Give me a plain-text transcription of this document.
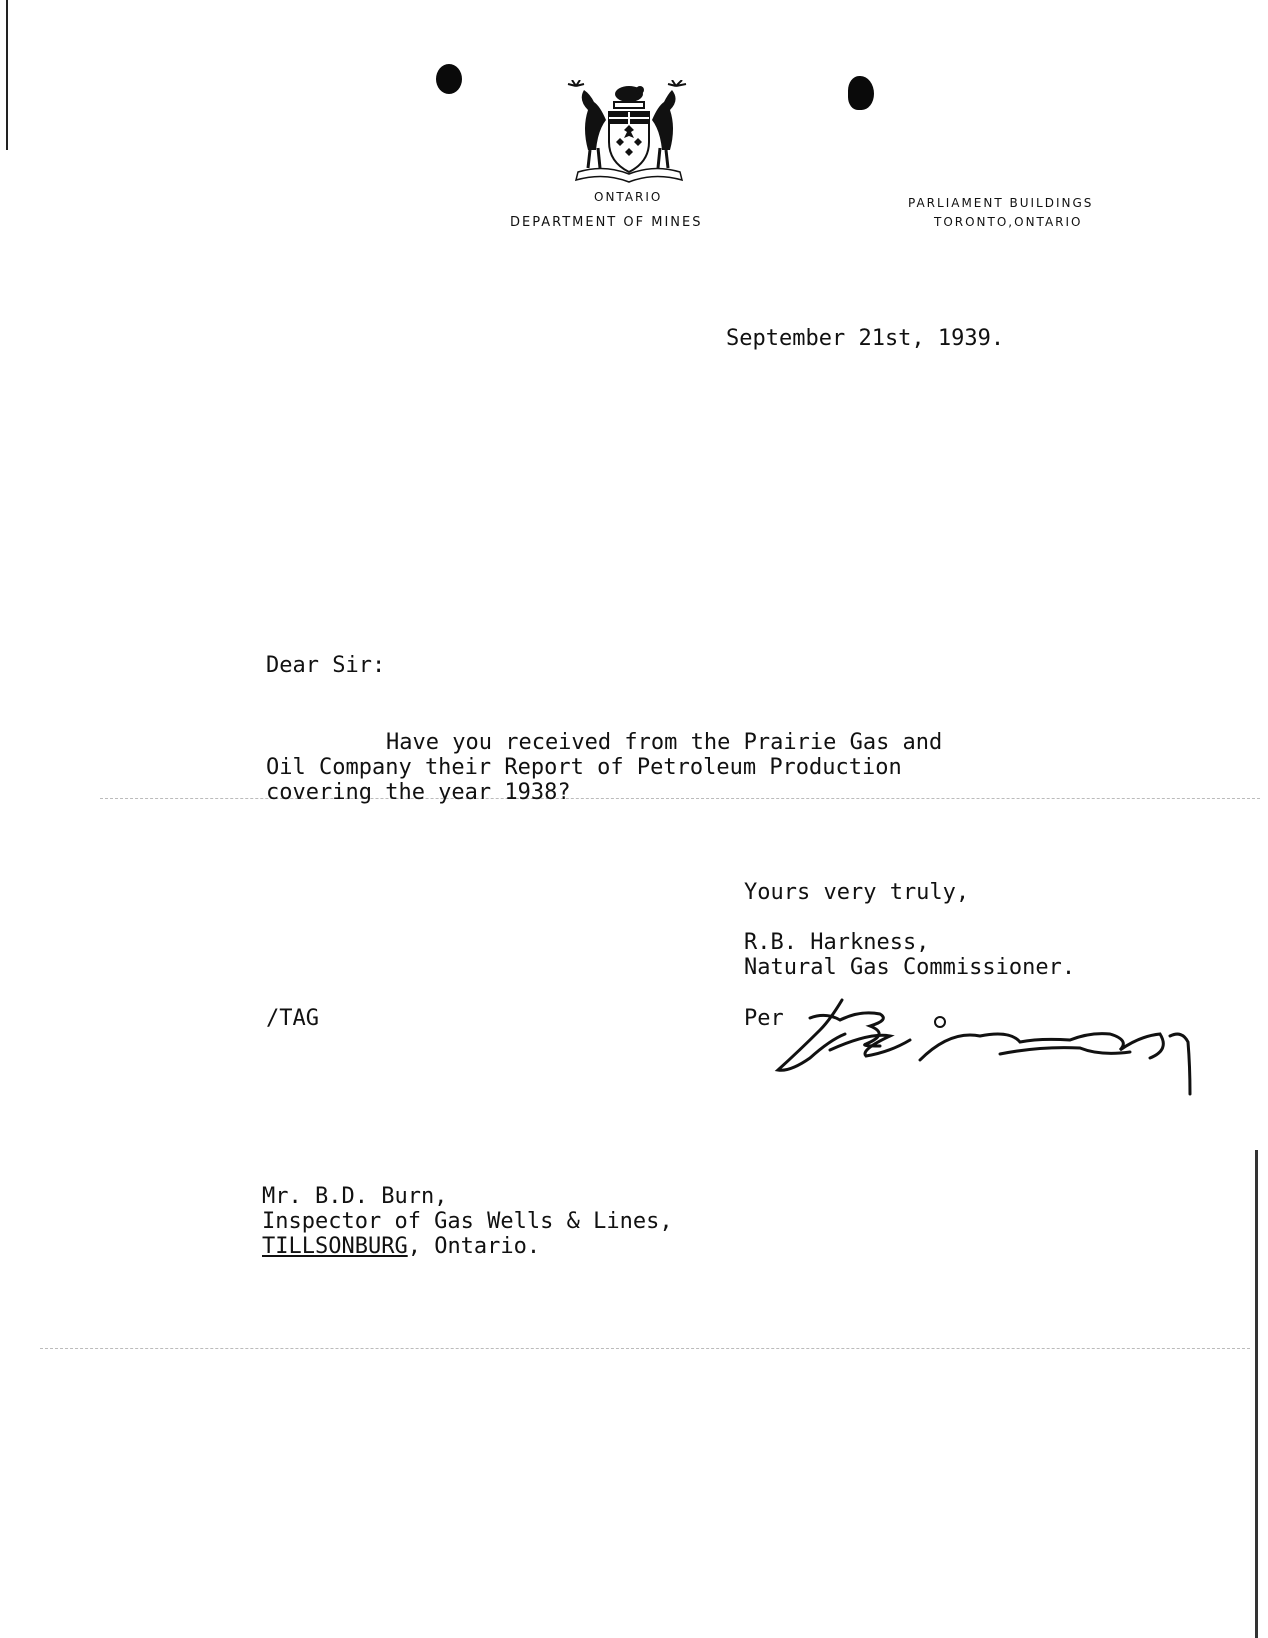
ONTARIO
DEPARTMENT OF MINES
PARLIAMENT BUILDINGS
TORONTO,ONTARIO
September 21st, 1939.
Dear Sir:
Have you received from the Prairie Gas and
Oil Company their Report of Petroleum Production
covering the year 1938?
Yours very truly,
R.B. Harkness,
Natural Gas Commissioner.
Per
/TAG
Mr. B.D. Burn,
Inspector of Gas Wells & Lines,
TILLSONBURG, Ontario.
